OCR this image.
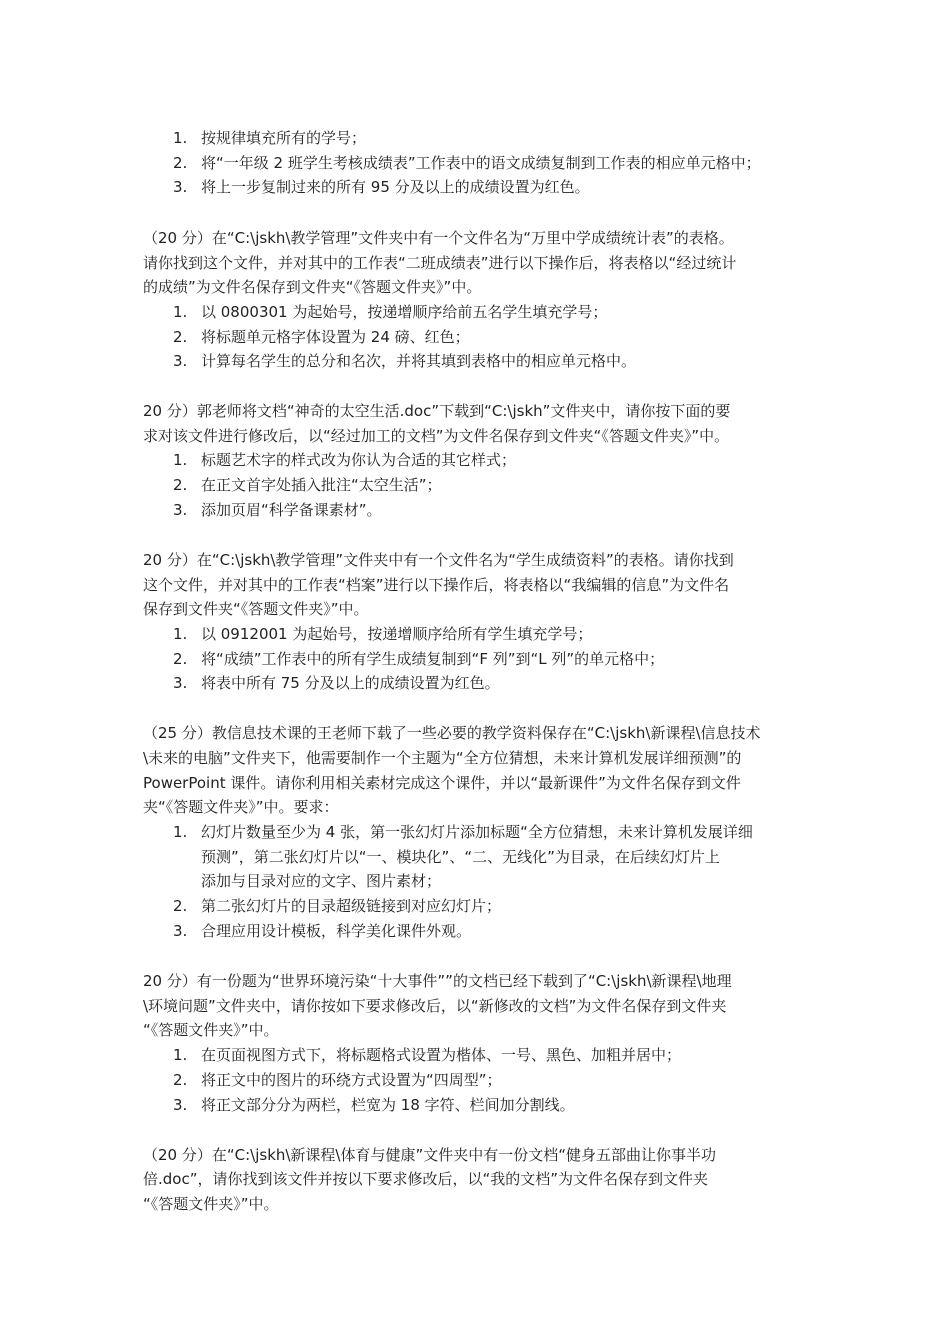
1. 按规律填充所有的学号；
2. 将“一年级 2 班学生考核成绩表”工作表中的语文成绩复制到工作表的相应单元格中；
3. 将上一步复制过来的所有 95 分及以上的成绩设置为红色。
（20 分）在“C:\jskh\教学管理”文件夹中有一个文件名为“万里中学成绩统计表”的表格。
请你找到这个文件，并对其中的工作表“二班成绩表”进行以下操作后，将表格以“经过统计
的成绩”为文件名保存到文件夹“《答题文件夹》”中。
1. 以 0800301 为起始号，按递增顺序给前五名学生填充学号；
2. 将标题单元格字体设置为 24 磅、红色；
3. 计算每名学生的总分和名次，并将其填到表格中的相应单元格中。
20 分）郭老师将文档“神奇的太空生活.doc”下载到“C:\jskh”文件夹中，请你按下面的要
求对该文件进行修改后，以“经过加工的文档”为文件名保存到文件夹“《答题文件夹》”中。
1. 标题艺术字的样式改为你认为合适的其它样式；
2. 在正文首字处插入批注“太空生活”；
3. 添加页眉“科学备课素材”。
20 分）在“C:\jskh\教学管理”文件夹中有一个文件名为“学生成绩资料”的表格。请你找到
这个文件，并对其中的工作表“档案”进行以下操作后，将表格以“我编辑的信息”为文件名
保存到文件夹“《答题文件夹》”中。
1. 以 0912001 为起始号，按递增顺序给所有学生填充学号；
2. 将“成绩”工作表中的所有学生成绩复制到“F 列”到“L 列”的单元格中；
3. 将表中所有 75 分及以上的成绩设置为红色。
（25 分）教信息技术课的王老师下载了一些必要的教学资料保存在“C:\jskh\新课程\信息技术
\未来的电脑”文件夹下，他需要制作一个主题为“全方位猜想，未来计算机发展详细预测”的
PowerPoint 课件。请你利用相关素材完成这个课件，并以“最新课件”为文件名保存到文件
夹“《答题文件夹》”中。要求：
1. 幻灯片数量至少为 4 张，第一张幻灯片添加标题“全方位猜想，未来计算机发展详细
预测”，第二张幻灯片以“一、模块化”、“二、无线化”为目录，在后续幻灯片上
添加与目录对应的文字、图片素材；
2. 第二张幻灯片的目录超级链接到对应幻灯片；
3. 合理应用设计模板，科学美化课件外观。
20 分）有一份题为“世界环境污染“十大事件””的文档已经下载到了“C:\jskh\新课程\地理
\环境问题”文件夹中，请你按如下要求修改后，以“新修改的文档”为文件名保存到文件夹
“《答题文件夹》”中。
1. 在页面视图方式下，将标题格式设置为楷体、一号、黑色、加粗并居中；
2. 将正文中的图片的环绕方式设置为“四周型”；
3. 将正文部分分为两栏，栏宽为 18 字符、栏间加分割线。
（20 分）在“C:\jskh\新课程\体育与健康”文件夹中有一份文档“健身五部曲让你事半功
倍.doc”，请你找到该文件并按以下要求修改后，以“我的文档”为文件名保存到文件夹
“《答题文件夹》”中。
